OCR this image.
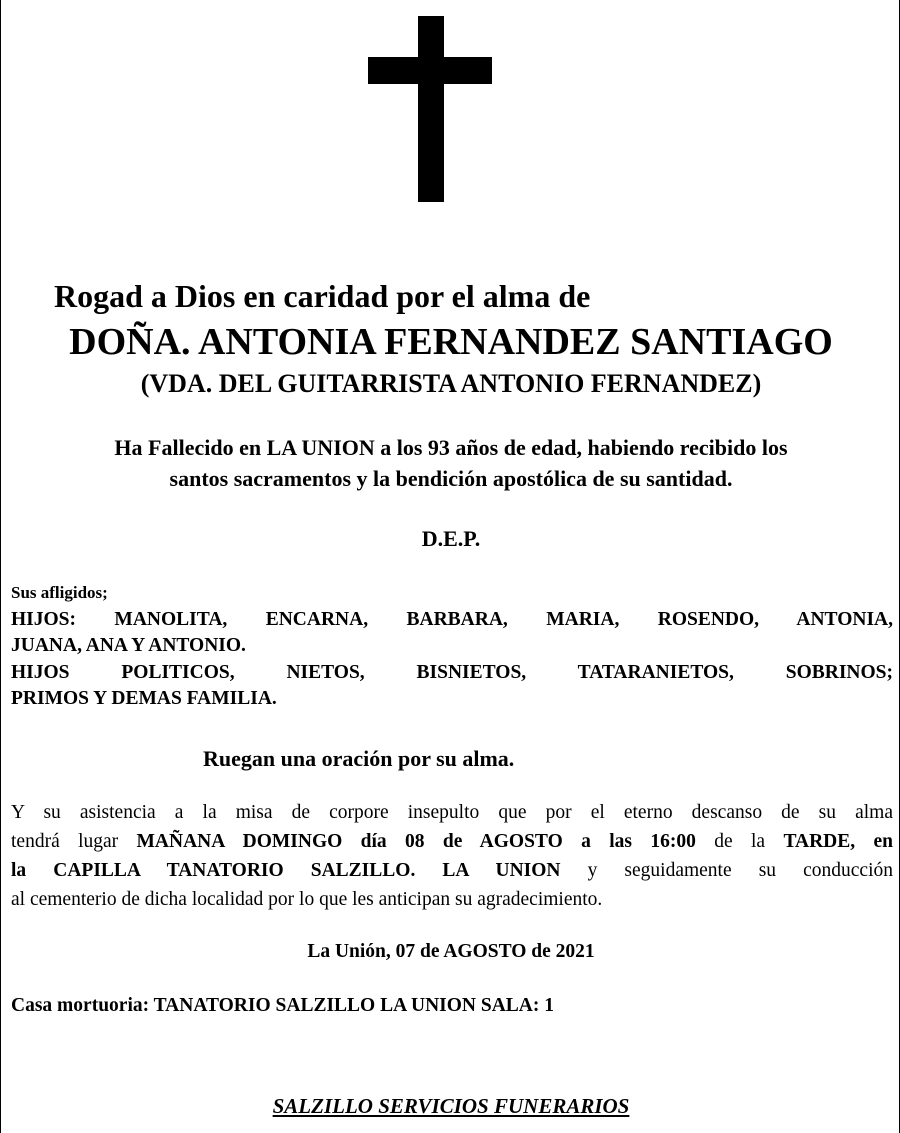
Rogad a Dios en caridad por el alma de
DOÑA. ANTONIA FERNANDEZ SANTIAGO
(VDA. DEL GUITARRISTA ANTONIO FERNANDEZ)
Ha Fallecido en LA UNION a los 93 años de edad, habiendo recibido los
santos sacramentos y la bendición apostólica de su santidad.
D.E.P.
Sus afligidos;
HIJOS: MANOLITA, ENCARNA, BARBARA, MARIA, ROSENDO, ANTONIA,
JUANA, ANA Y ANTONIO.
HIJOS POLITICOS, NIETOS, BISNIETOS, TATARANIETOS, SOBRINOS;
PRIMOS Y DEMAS FAMILIA.
Ruegan una oración por su alma.
Y su asistencia a la misa de corpore insepulto que por el eterno descanso de su alma
tendrá lugar MAÑANA DOMINGO día 08 de AGOSTO a las 16:00 de la TARDE, en
la CAPILLA TANATORIO SALZILLO. LA UNION y seguidamente su conducción
al cementerio de dicha localidad por lo que les anticipan su agradecimiento.
La Unión, 07 de AGOSTO de 2021
Casa mortuoria: TANATORIO SALZILLO LA UNION SALA: 1
SALZILLO SERVICIOS FUNERARIOS
